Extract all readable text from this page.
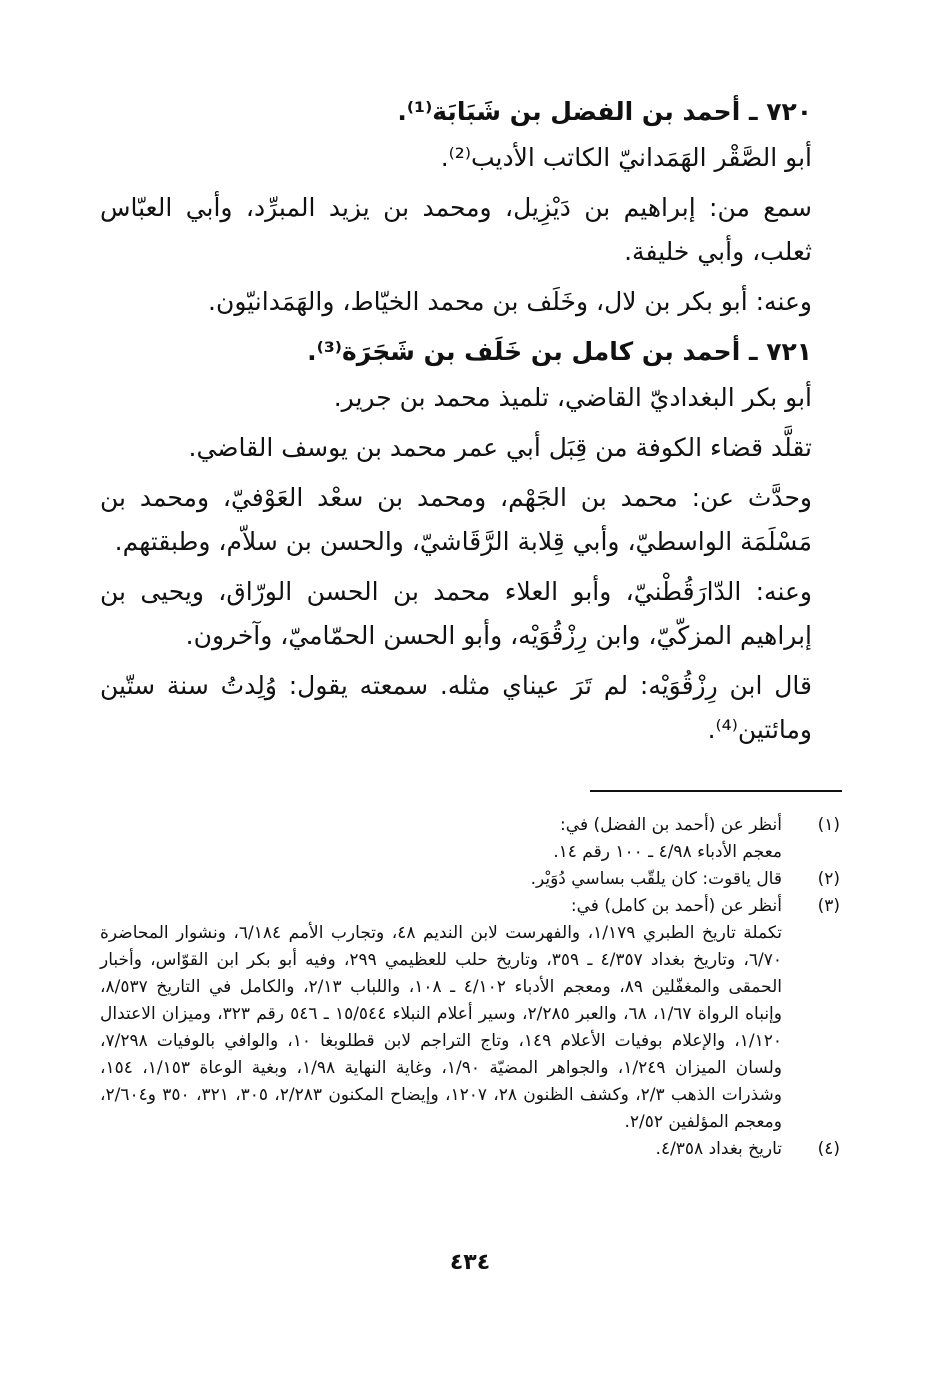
٧٢٠ ـ أحمد بن الفضل بن شَبَابَة⁽¹⁾.

أبو الصَّقْر الهَمَدانيّ الكاتب الأديب⁽²⁾.

سمع من: إبراهيم بن دَيْزِيل، ومحمد بن يزيد المبرِّد، وأبي العبّاس ثعلب، وأبي خليفة.

وعنه: أبو بكر بن لال، وخَلَف بن محمد الخيّاط، والهَمَدانيّون.

٧٢١ ـ أحمد بن كامل بن خَلَف بن شَجَرَة⁽³⁾.

أبو بكر البغداديّ القاضي، تلميذ محمد بن جرير.

تقلَّد قضاء الكوفة من قِبَل أبي عمر محمد بن يوسف القاضي.

وحدَّث عن: محمد بن الجَهْم، ومحمد بن سعْد العَوْفيّ، ومحمد بن مَسْلَمَة الواسطيّ، وأبي قِلابة الرَّقَاشيّ، والحسن بن سلاّم، وطبقتهم.

وعنه: الدّارَقُطْنيّ، وأبو العلاء محمد بن الحسن الورّاق، ويحيى بن إبراهيم المزكّيّ، وابن رِزْقُوَيْه، وأبو الحسن الحمّاميّ، وآخرون.

قال ابن رِزْقُوَيْه: لم تَرَ عيناي مثله. سمعته يقول: وُلِدتُ سنة ستّين ومائتين⁽⁴⁾.

(١)
أنظر عن (أحمد بن الفضل) في:
معجم الأدباء ٤/٩٨ ـ ١٠٠ رقم ١٤.
(٢)
قال ياقوت: كان يلقّب بساسي دُوَيْر.
(٣)
أنظر عن (أحمد بن كامل) في:
تكملة تاريخ الطبري ١/١٧٩، والفهرست لابن النديم ٤٨، وتجارب الأمم ٦/١٨٤، ونشوار المحاضرة ٦/٧٠، وتاريخ بغداد ٤/٣٥٧ ـ ٣٥٩، وتاريخ حلب للعظيمي ٢٩٩، وفيه أبو بكر ابن القوّاس، وأخبار الحمقى والمغفّلين ٨٩، ومعجم الأدباء ٤/١٠٢ ـ ١٠٨، واللباب ٢/١٣، والكامل في التاريخ ٨/٥٣٧، وإنباه الرواة ١/٦٧، ٦٨، والعبر ٢/٢٨٥، وسير أعلام النبلاء ١٥/٥٤٤ ـ ٥٤٦ رقم ٣٢٣، وميزان الاعتدال ١/١٢٠، والإعلام بوفيات الأعلام ١٤٩، وتاج التراجم لابن قطلوبغا ١٠، والوافي بالوفيات ٧/٢٩٨، ولسان الميزان ١/٢٤٩، والجواهر المضيّة ١/٩٠، وغاية النهاية ١/٩٨، وبغية الوعاة ١/١٥٣، ١٥٤، وشذرات الذهب ٢/٣، وكشف الظنون ٢٨، ١٢٠٧، وإيضاح المكنون ٢/٢٨٣، ٣٠٥، ٣٢١، ٣٥٠ و٢/٦٠٤، ومعجم المؤلفين ٢/٥٢.
(٤)
تاريخ بغداد ٤/٣٥٨.
٤٣٤
